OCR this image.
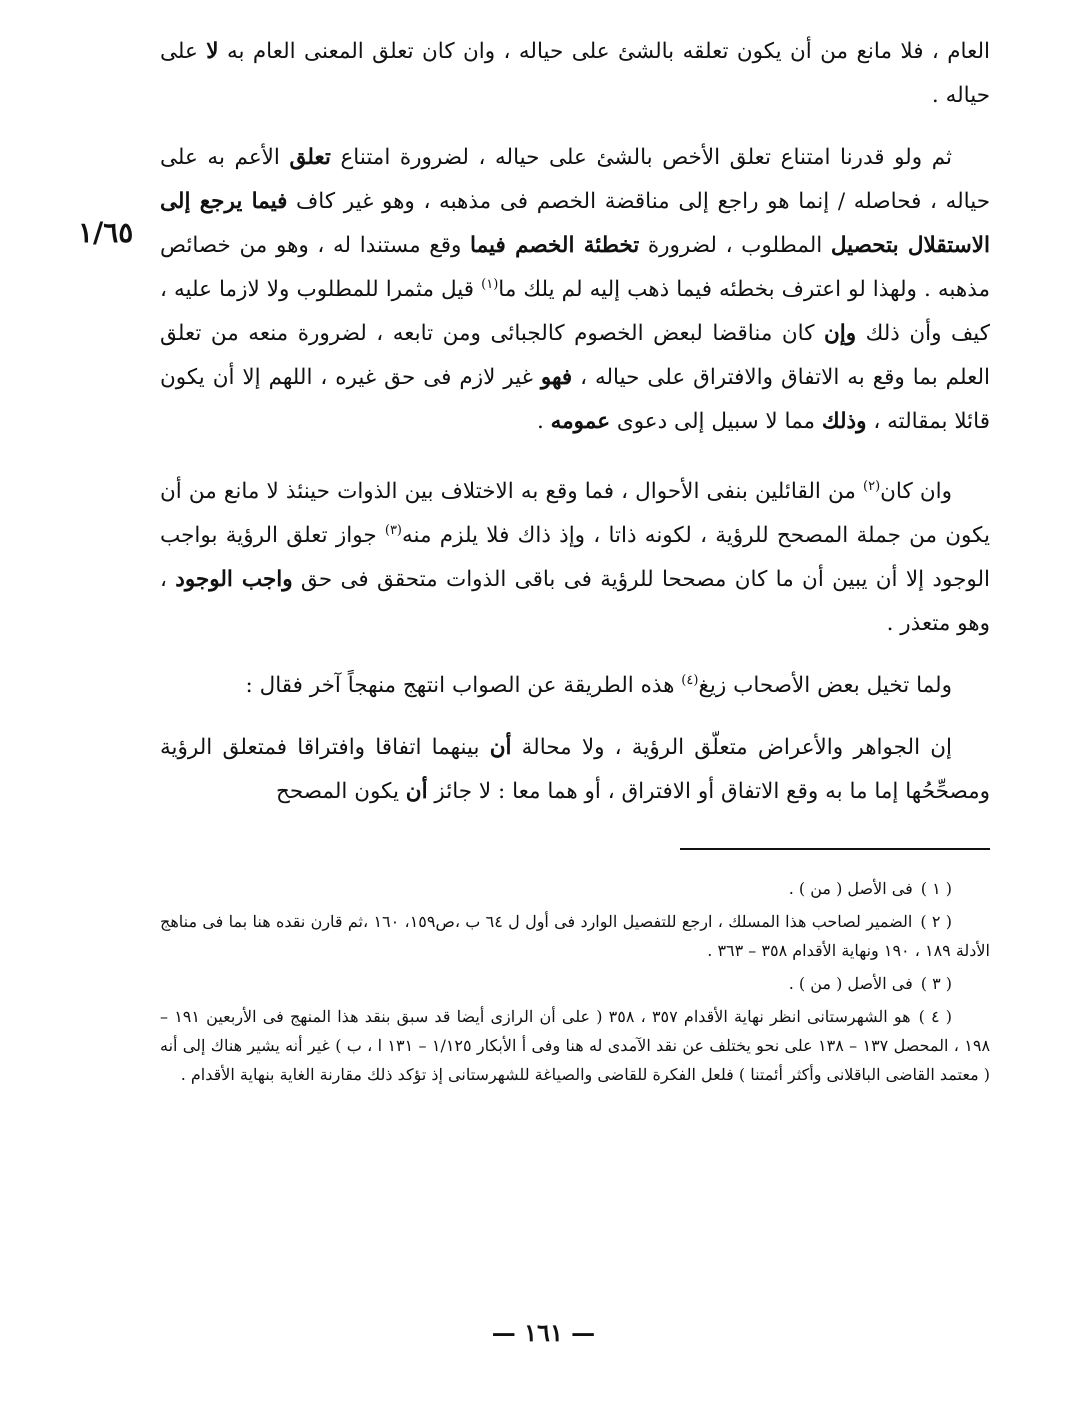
١/٦٥

العام ، فلا مانع من أن يكون تعلقه بالشئ على حياله ، وان كان تعلق المعنى العام به لا على حياله .

ثم ولو قدرنا امتناع تعلق الأخص بالشئ على حياله ، لضرورة امتناع تعلق الأعم به على حياله ، فحاصله / إنما هو راجع إلى مناقضة الخصم فى مذهبه ، وهو غير كاف فيما يرجع إلى الاستقلال بتحصيل المطلوب ، لضرورة تخطئة الخصم فيما وقع مستندا له ، وهو من خصائص مذهبه . ولهذا لو اعترف بخطئه فيما ذهب إليه لم يلك ما$^{(١)}$ قيل مثمرا للمطلوب ولا لازما عليه ، كيف وأن ذلك وإن كان مناقضا لبعض الخصوم كالجبائى ومن تابعه ، لضرورة منعه من تعلق العلم بما وقع به الاتفاق والافتراق على حياله ، فهو غير لازم فى حق غيره ، اللهم إلا أن يكون قائلا بمقالته ، وذلك مما لا سبيل إلى دعوى عمومه .

وان كان$^{(٢)}$ من القائلين بنفى الأحوال ، فما وقع به الاختلاف بين الذوات حينئذ لا مانع من أن يكون من جملة المصحح للرؤية ، لكونه ذاتا ، وإذ ذاك فلا يلزم منه$^{(٣)}$ جواز تعلق الرؤية بواجب الوجود إلا أن يبين أن ما كان مصححا للرؤية فى باقى الذوات متحقق فى حق واجب الوجود ، وهو متعذر .

ولما تخيل بعض الأصحاب زيغ$^{(٤)}$ هذه الطريقة عن الصواب انتهج منهجاً آخر فقال :

إن الجواهر والأعراض متعلّق الرؤية ، ولا محالة أن بينهما اتفاقا وافتراقا فمتعلق الرؤية ومصحِّحُها إما ما به وقع الاتفاق أو الافتراق ، أو هما معا : لا جائز أن يكون المصحح

( ١ )فى الأصل ( من ) .

( ٢ )الضمير لصاحب هذا المسلك ، ارجع للتفصيل الوارد فى أول ل ٦٤ ب ،ص١٥٩، ١٦٠ ،ثم قارن نقده هنا بما فى مناهج الأدلة ١٨٩ ، ١٩٠ ونهاية الأقدام ٣٥٨ – ٣٦٣ .

( ٣ )فى الأصل ( من ) .

( ٤ )هو الشهرستانى انظر نهاية الأقدام ٣٥٧ ، ٣٥٨ ( على أن الرازى أيضا قد سبق بنقد هذا المنهج فى الأربعين ١٩١ – ١٩٨ ، المحصل ١٣٧ – ١٣٨ على نحو يختلف عن نقد الآمدى له هنا وفى أ الأبكار ١/١٢٥ – ١٣١ ا ، ب ) غير أنه يشير هناك إلى أنه ( معتمد القاضى الباقلانى وأكثر أئمتنا ) فلعل الفكرة للقاضى والصياغة للشهرستانى إذ تؤكد ذلك مقارنة الغاية بنهاية الأقدام .

— ١٦١ —
